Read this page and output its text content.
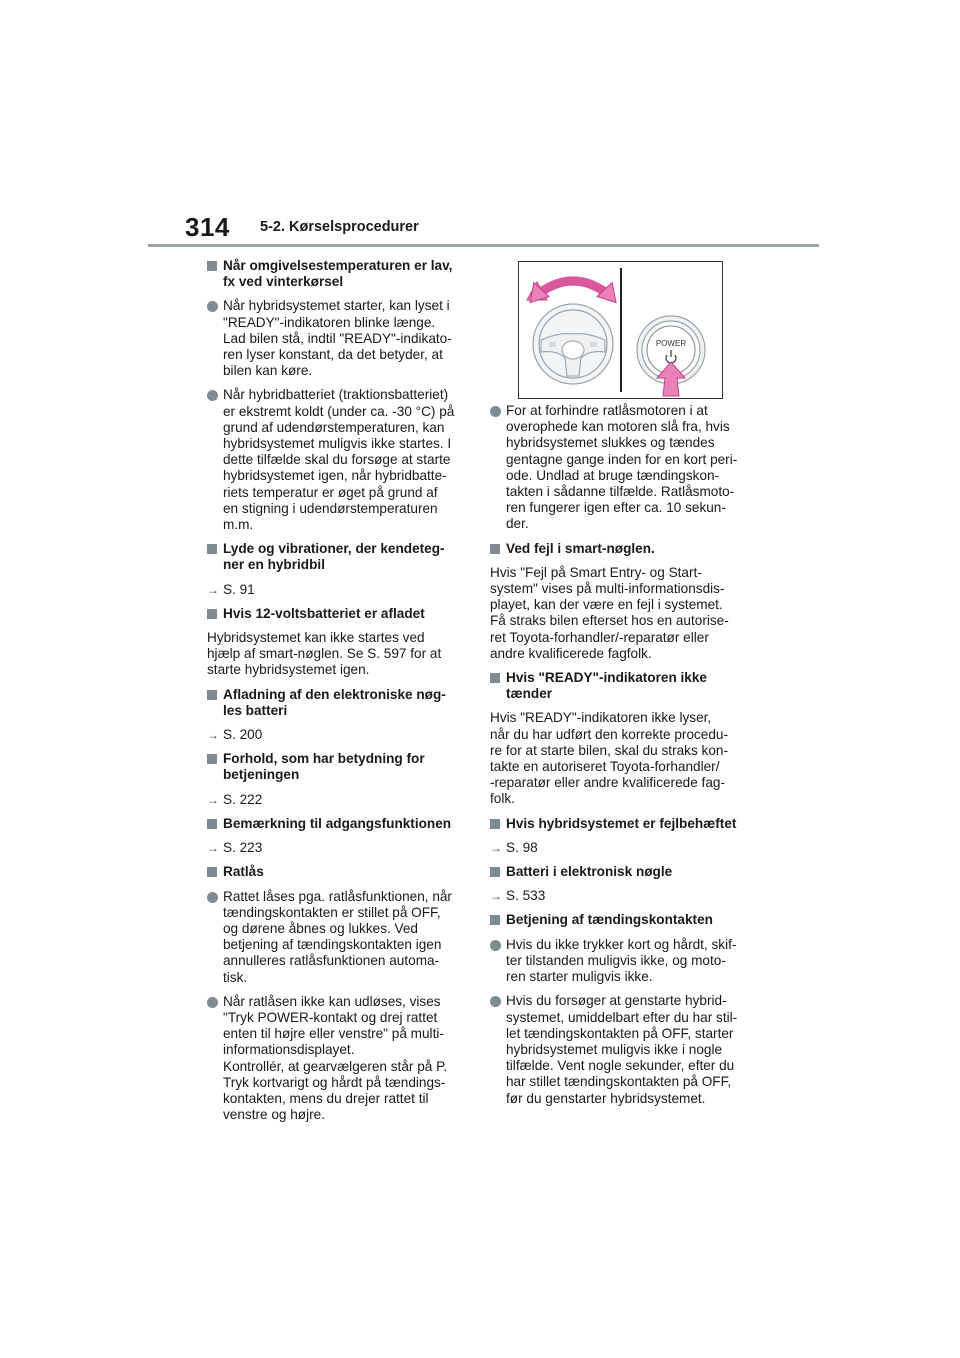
314 5-2. Kørselsprocedurer
Når omgivelsestemperaturen er lav,
fx ved vinterkørsel
Når hybridsystemet starter, kan lyset i
"READY"-indikatoren blinke længe.
Lad bilen stå, indtil "READY"-indikato-
ren lyser konstant, da det betyder, at
bilen kan køre.
Når hybridbatteriet (traktionsbatteriet)
er ekstremt koldt (under ca. -30 °C) på
grund af udendørstemperaturen, kan
hybridsystemet muligvis ikke startes. I
dette tilfælde skal du forsøge at starte
hybridsystemet igen, når hybridbatte-
riets temperatur er øget på grund af
en stigning i udendørstemperaturen
m.m.
Lyde og vibrationer, der kendeteg-
ner en hybridbil
→ S. 91
Hvis 12-voltsbatteriet er afladet
Hybridsystemet kan ikke startes ved
hjælp af smart-nøglen. Se S. 597 for at
starte hybridsystemet igen.
Afladning af den elektroniske nøg-
les batteri
→ S. 200
Forhold, som har betydning for
betjeningen
→ S. 222
Bemærkning til adgangsfunktionen
→ S. 223
Ratlås
Rattet låses pga. ratlåsfunktionen, når
tændingskontakten er stillet på OFF,
og dørene åbnes og lukkes. Ved
betjening af tændingskontakten igen
annulleres ratlåsfunktionen automa-
tisk.
Når ratlåsen ikke kan udløses, vises
"Tryk POWER-kontakt og drej rattet
enten til højre eller venstre" på multi-
informationsdisplayet.
Kontrollér, at gearvælgeren står på P.
Tryk kortvarigt og hårdt på tændings-
kontakten, mens du drejer rattet til
venstre og højre.
POWER
For at forhindre ratlåsmotoren i at
overophede kan motoren slå fra, hvis
hybridsystemet slukkes og tændes
gentagne gange inden for en kort peri-
ode. Undlad at bruge tændingskon-
takten i sådanne tilfælde. Ratlåsmoto-
ren fungerer igen efter ca. 10 sekun-
der.
Ved fejl i smart-nøglen.
Hvis "Fejl på Smart Entry- og Start-
system" vises på multi-informationsdis-
playet, kan der være en fejl i systemet.
Få straks bilen efterset hos en autorise-
ret Toyota-forhandler/-reparatør eller
andre kvalificerede fagfolk.
Hvis "READY"-indikatoren ikke
tænder
Hvis "READY"-indikatoren ikke lyser,
når du har udført den korrekte procedu-
re for at starte bilen, skal du straks kon-
takte en autoriseret Toyota-forhandler/
-reparatør eller andre kvalificerede fag-
folk.
Hvis hybridsystemet er fejlbehæftet
→ S. 98
Batteri i elektronisk nøgle
→ S. 533
Betjening af tændingskontakten
Hvis du ikke trykker kort og hårdt, skif-
ter tilstanden muligvis ikke, og moto-
ren starter muligvis ikke.
Hvis du forsøger at genstarte hybrid-
systemet, umiddelbart efter du har stil-
let tændingskontakten på OFF, starter
hybridsystemet muligvis ikke i nogle
tilfælde. Vent nogle sekunder, efter du
har stillet tændingskontakten på OFF,
før du genstarter hybridsystemet.
